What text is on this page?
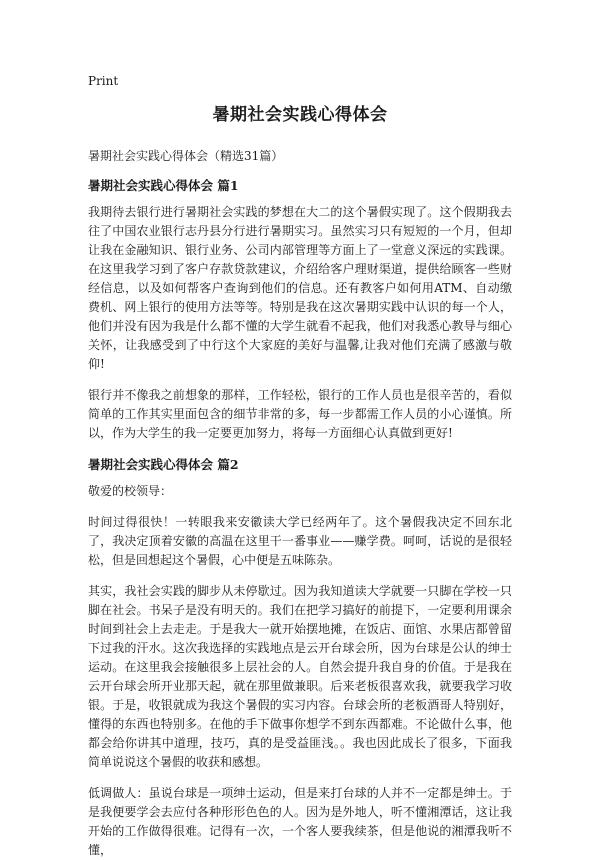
Print
暑期社会实践心得体会

暑期社会实践心得体会（精选31篇）

暑期社会实践心得体会 篇1

我期待去银行进行暑期社会实践的梦想在大二的这个暑假实现了。这个假期我去往了中国农业银行志丹县分行进行暑期实习。虽然实习只有短短的一个月，但却让我在金融知识、银行业务、公司内部管理等方面上了一堂意义深远的实践课。在这里我学习到了客户存款贷款建议，介绍给客户理财渠道，提供给顾客一些财经信息，以及如何帮客户查询到他们的信息。还有教客户如何用ATM、自动缴费机、网上银行的使用方法等等。特别是我在这次暑期实践中认识的每一个人，他们并没有因为我是什么都不懂的大学生就看不起我，他们对我悉心教导与细心关怀，让我感受到了中行这个大家庭的美好与温馨,让我对他们充满了感激与敬仰!

银行并不像我之前想象的那样，工作轻松，银行的工作人员也是很辛苦的，看似简单的工作其实里面包含的细节非常的多，每一步都需工作人员的小心谨慎。所以，作为大学生的我一定要更加努力，将每一方面细心认真做到更好!

暑期社会实践心得体会 篇2

敬爱的校领导：

时间过得很快！一转眼我来安徽读大学已经两年了。这个暑假我决定不回东北了，我决定顶着安徽的高温在这里干一番事业——赚学费。呵呵，话说的是很轻松，但是回想起这个暑假，心中便是五味陈杂。

其实，我社会实践的脚步从未停歇过。因为我知道读大学就要一只脚在学校一只脚在社会。书呆子是没有明天的。我们在把学习搞好的前提下，一定要利用课余时间到社会上去走走。于是我大一就开始摆地摊，在饭店、面馆、水果店都曾留下过我的汗水。这次我选择的实践地点是云开台球会所，因为台球是公认的绅士运动。在这里我会接触很多上层社会的人。自然会提升我自身的价值。于是我在云开台球会所开业那天起，就在那里做兼职。后来老板很喜欢我，就要我学习收银。于是，收银就成为我这个暑假的实习内容。台球会所的老板酒哥人特别好，懂得的东西也特别多。在他的手下做事你想学不到东西都难。不论做什么事，他都会给你讲其中道理，技巧，真的是受益匪浅。。我也因此成长了很多，下面我简单说说这个暑假的收获和感想。

低调做人：虽说台球是一项绅士运动，但是来打台球的人并不一定都是绅士。于是我便要学会去应付各种形形色色的人。因为是外地人，听不懂湘潭话，这让我开始的工作做得很难。记得有一次，一个客人要我续茶，但是他说的湘潭我听不懂，
